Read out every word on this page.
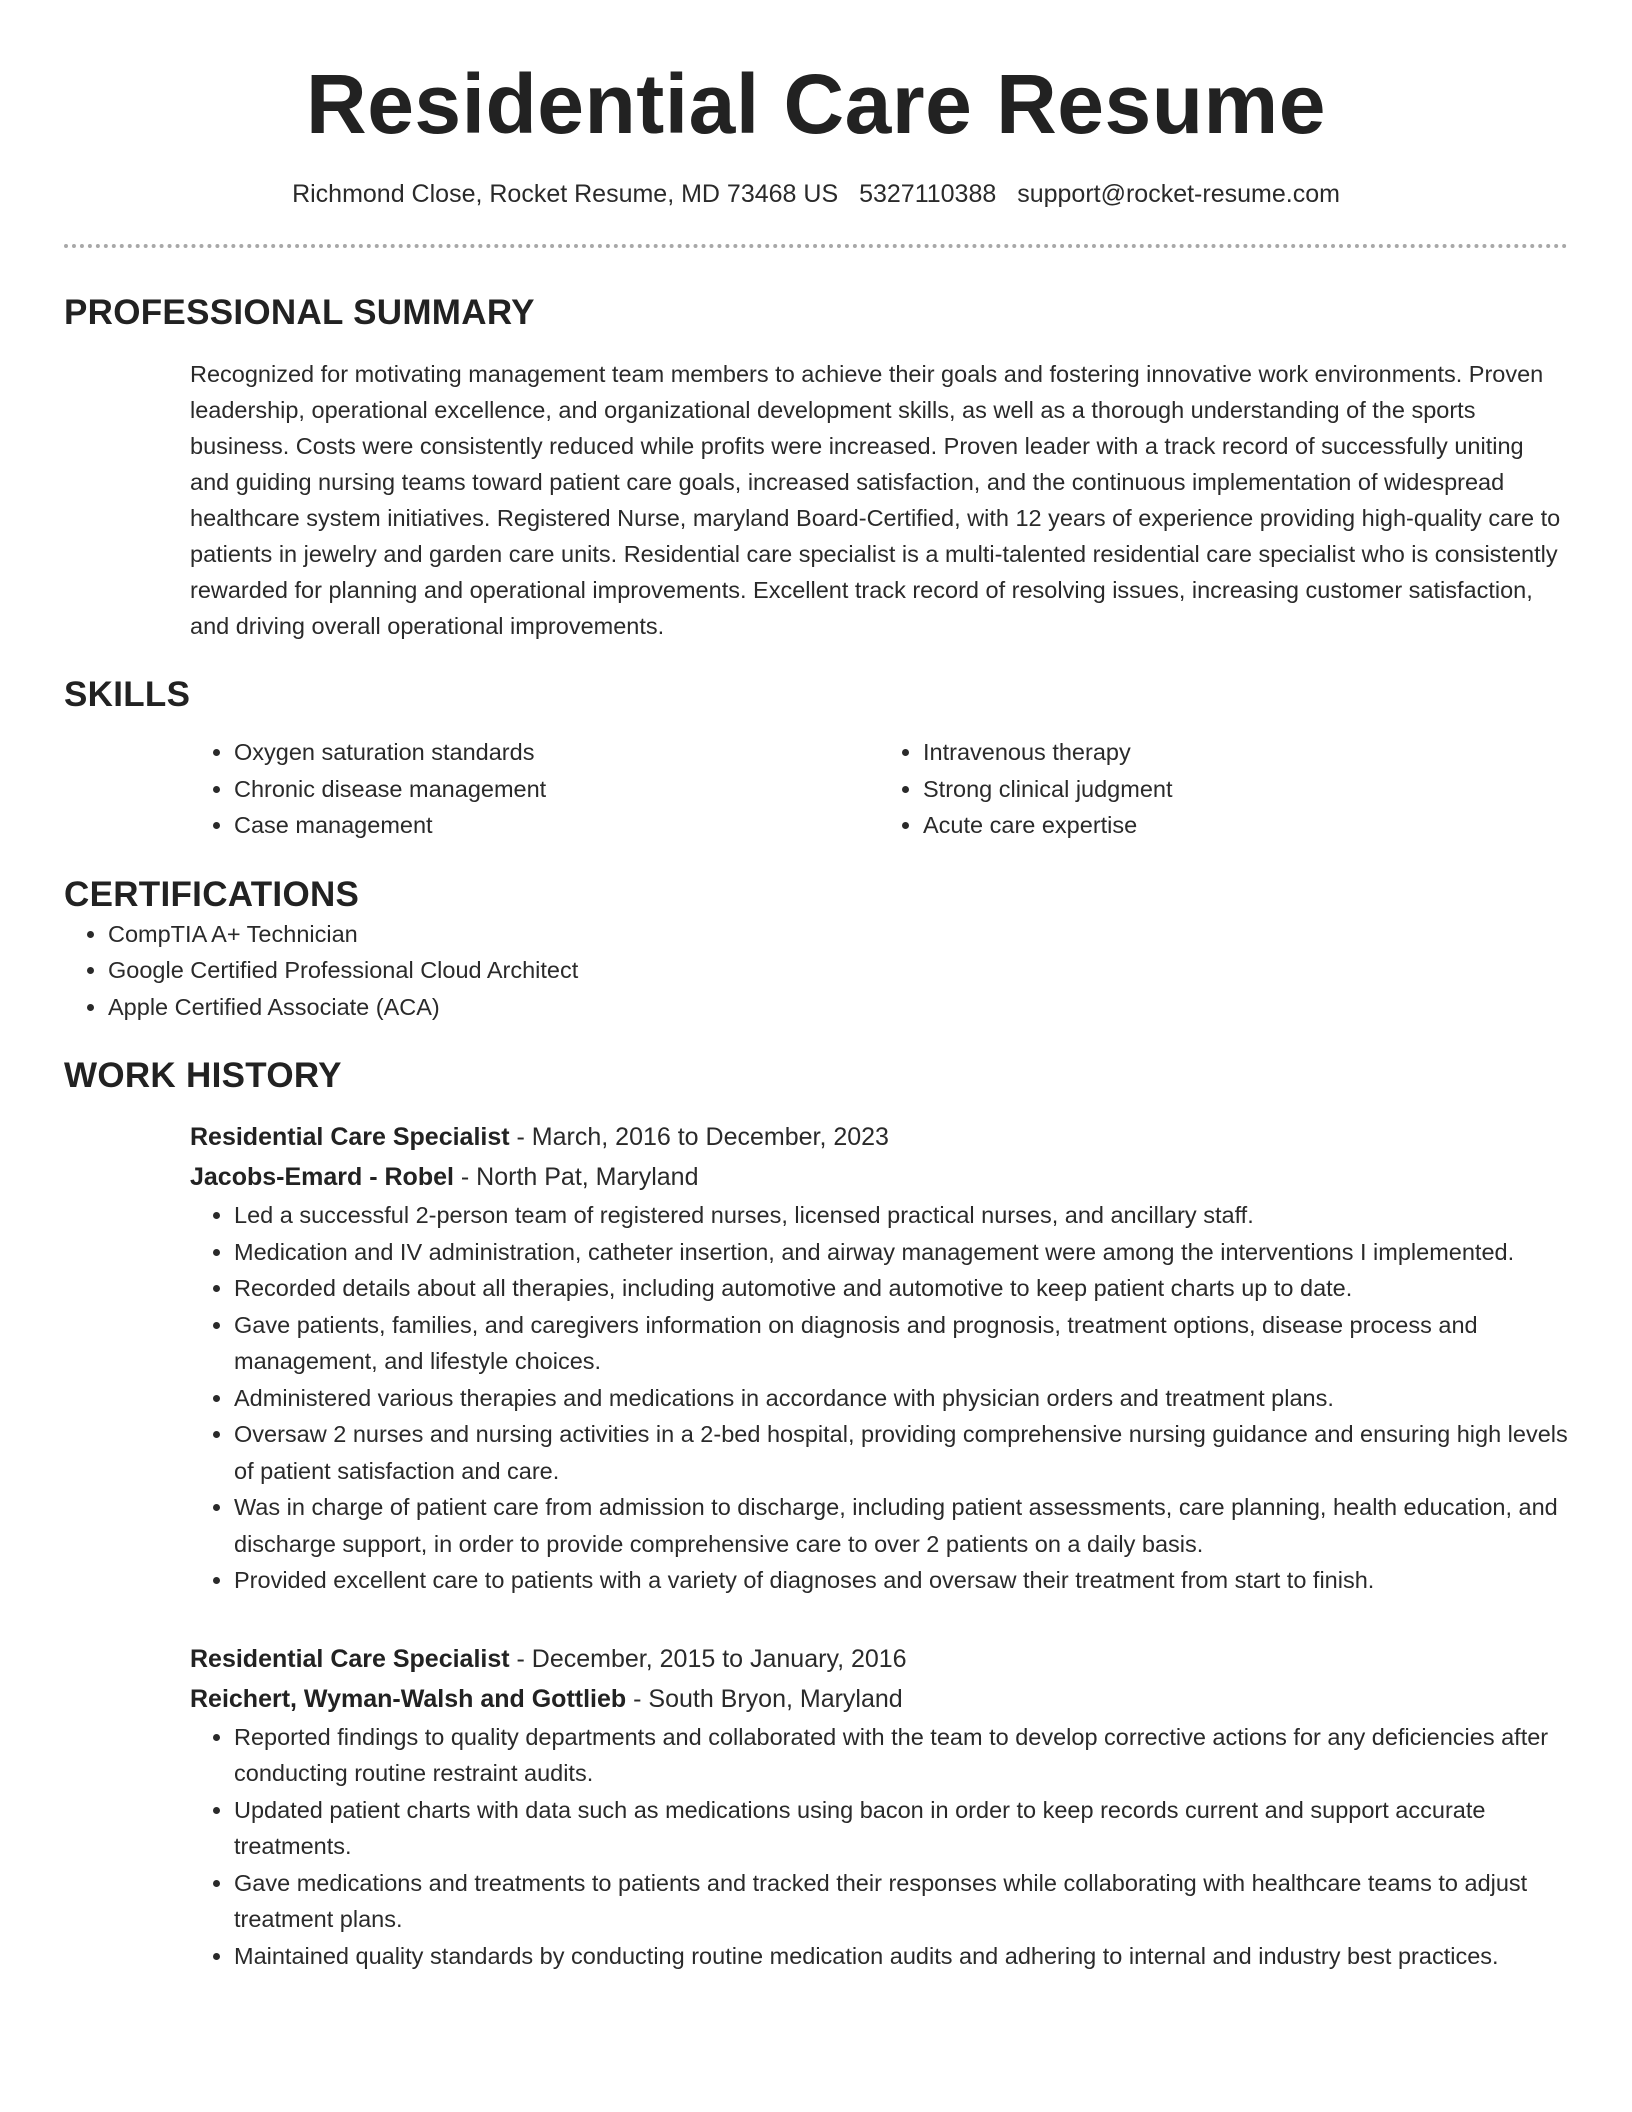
Residential Care Resume
Richmond Close, Rocket Resume, MD 73468 US 5327110388 support@rocket-resume.com
PROFESSIONAL SUMMARY

Recognized for motivating management team members to achieve their goals and fostering innovative work environments. Proven leadership, operational excellence, and organizational development skills, as well as a thorough understanding of the sports business. Costs were consistently reduced while profits were increased. Proven leader with a track record of successfully uniting and guiding nursing teams toward patient care goals, increased satisfaction, and the continuous implementation of widespread healthcare system initiatives. Registered Nurse, maryland Board-Certified, with 12 years of experience providing high-quality care to patients in jewelry and garden care units. Residential care specialist is a multi-talented residential care specialist who is consistently rewarded for planning and operational improvements. Excellent track record of resolving issues, increasing customer satisfaction, and driving overall operational improvements.

SKILLS
• Oxygen saturation standards
• Chronic disease management
• Case management
• Intravenous therapy
• Strong clinical judgment
• Acute care expertise
CERTIFICATIONS
• CompTIA A+ Technician
• Google Certified Professional Cloud Architect
• Apple Certified Associate (ACA)
WORK HISTORY
Residential Care Specialist - March, 2016 to December, 2023
Jacobs-Emard - Robel - North Pat, Maryland
• Led a successful 2-person team of registered nurses, licensed practical nurses, and ancillary staff.
• Medication and IV administration, catheter insertion, and airway management were among the interventions I implemented.
• Recorded details about all therapies, including automotive and automotive to keep patient charts up to date.
• Gave patients, families, and caregivers information on diagnosis and prognosis, treatment options, disease process and management, and lifestyle choices.
• Administered various therapies and medications in accordance with physician orders and treatment plans.
• Oversaw 2 nurses and nursing activities in a 2-bed hospital, providing comprehensive nursing guidance and ensuring high levels of patient satisfaction and care.
• Was in charge of patient care from admission to discharge, including patient assessments, care planning, health education, and discharge support, in order to provide comprehensive care to over 2 patients on a daily basis.
• Provided excellent care to patients with a variety of diagnoses and oversaw their treatment from start to finish.
Residential Care Specialist - December, 2015 to January, 2016
Reichert, Wyman-Walsh and Gottlieb - South Bryon, Maryland
• Reported findings to quality departments and collaborated with the team to develop corrective actions for any deficiencies after conducting routine restraint audits.
• Updated patient charts with data such as medications using bacon in order to keep records current and support accurate treatments.
• Gave medications and treatments to patients and tracked their responses while collaborating with healthcare teams to adjust treatment plans.
• Maintained quality standards by conducting routine medication audits and adhering to internal and industry best practices.
